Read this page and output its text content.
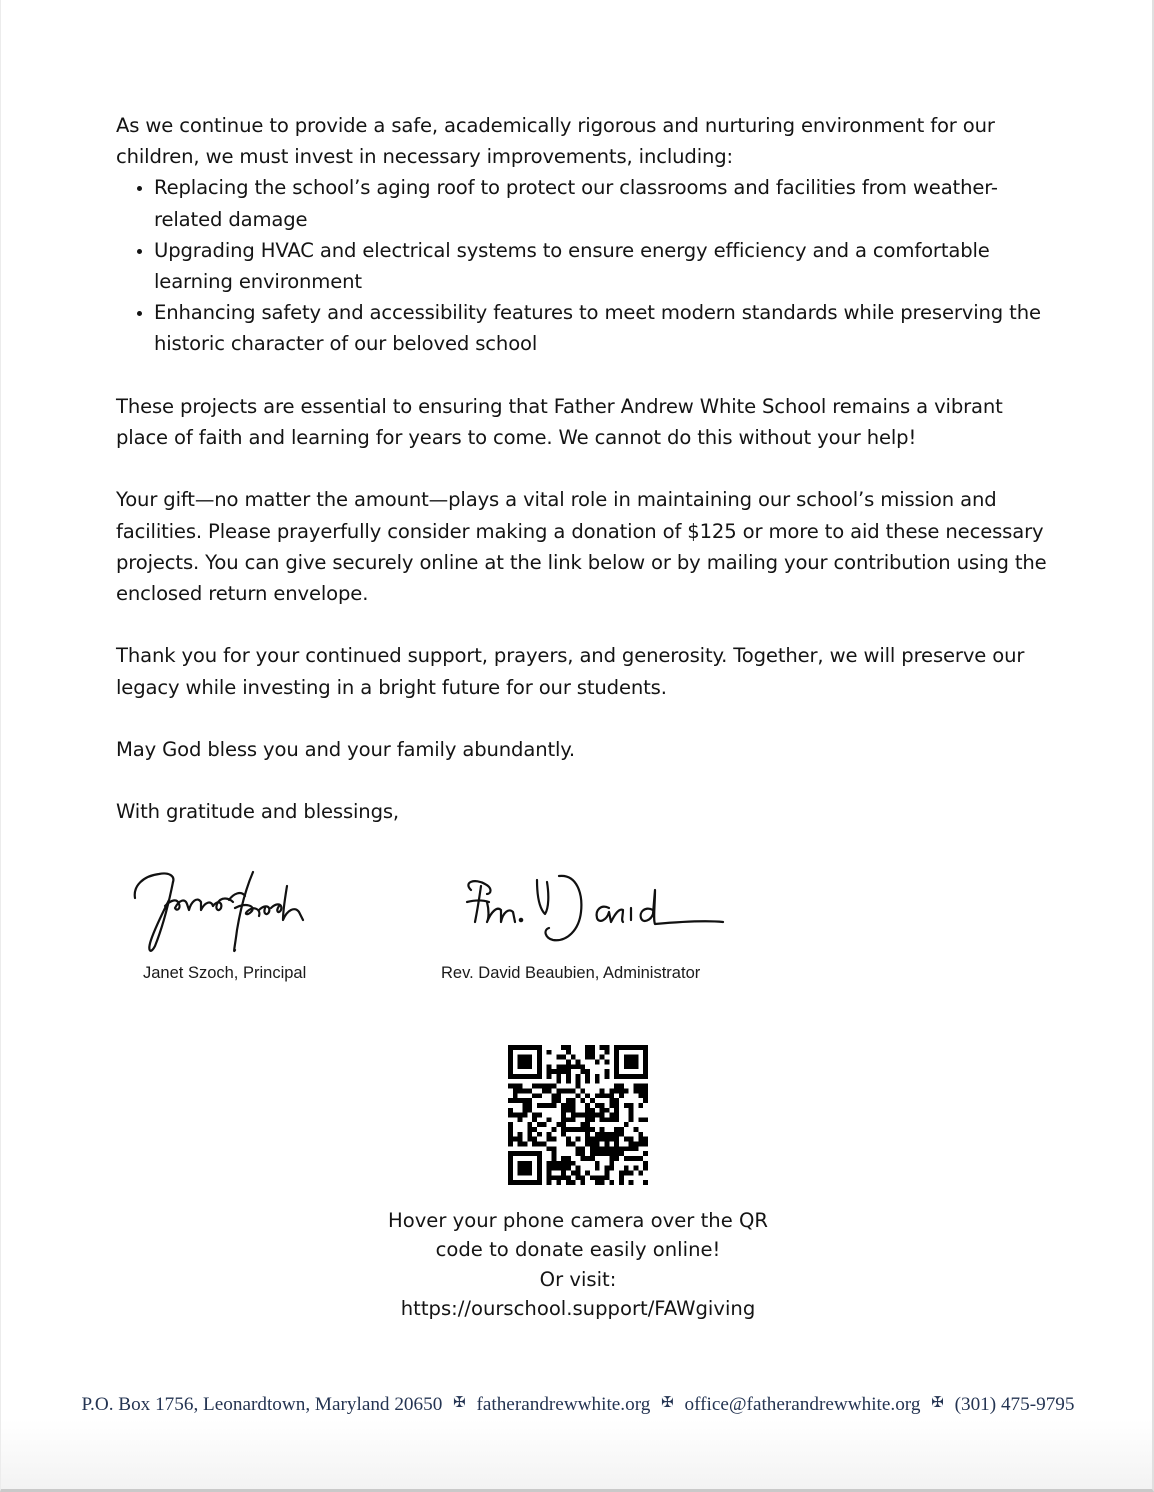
As we continue to provide a safe, academically rigorous and nurturing environment for our children, we must invest in necessary improvements, including:

• Replacing the school’s aging roof to protect our classrooms and facilities from weather-related damage
• Upgrading HVAC and electrical systems to ensure energy efficiency and a comfortable learning environment
• Enhancing safety and accessibility features to meet modern standards while preserving the historic character of our beloved school

These projects are essential to ensuring that Father Andrew White School remains a vibrant place of faith and learning for years to come. We cannot do this without your help!

Your gift—no matter the amount—plays a vital role in maintaining our school’s mission and facilities. Please prayerfully consider making a donation of $125 or more to aid these necessary projects. You can give securely online at the link below or by mailing your contribution using the enclosed return envelope.

Thank you for your continued support, prayers, and generosity. Together, we will preserve our legacy while investing in a bright future for our students.

May God bless you and your family abundantly.

With gratitude and blessings,

Janet Szoch, Principal	Rev. David Beaubien, Administrator
Hover your phone camera over the QR
code to donate easily online!
Or visit:
https://ourschool.support/FAWgiving
P.O. Box 1756, Leonardtown, Maryland 20650 ✠ fatherandrewwhite.org ✠ office@fatherandrewwhite.org ✠ (301) 475-9795
